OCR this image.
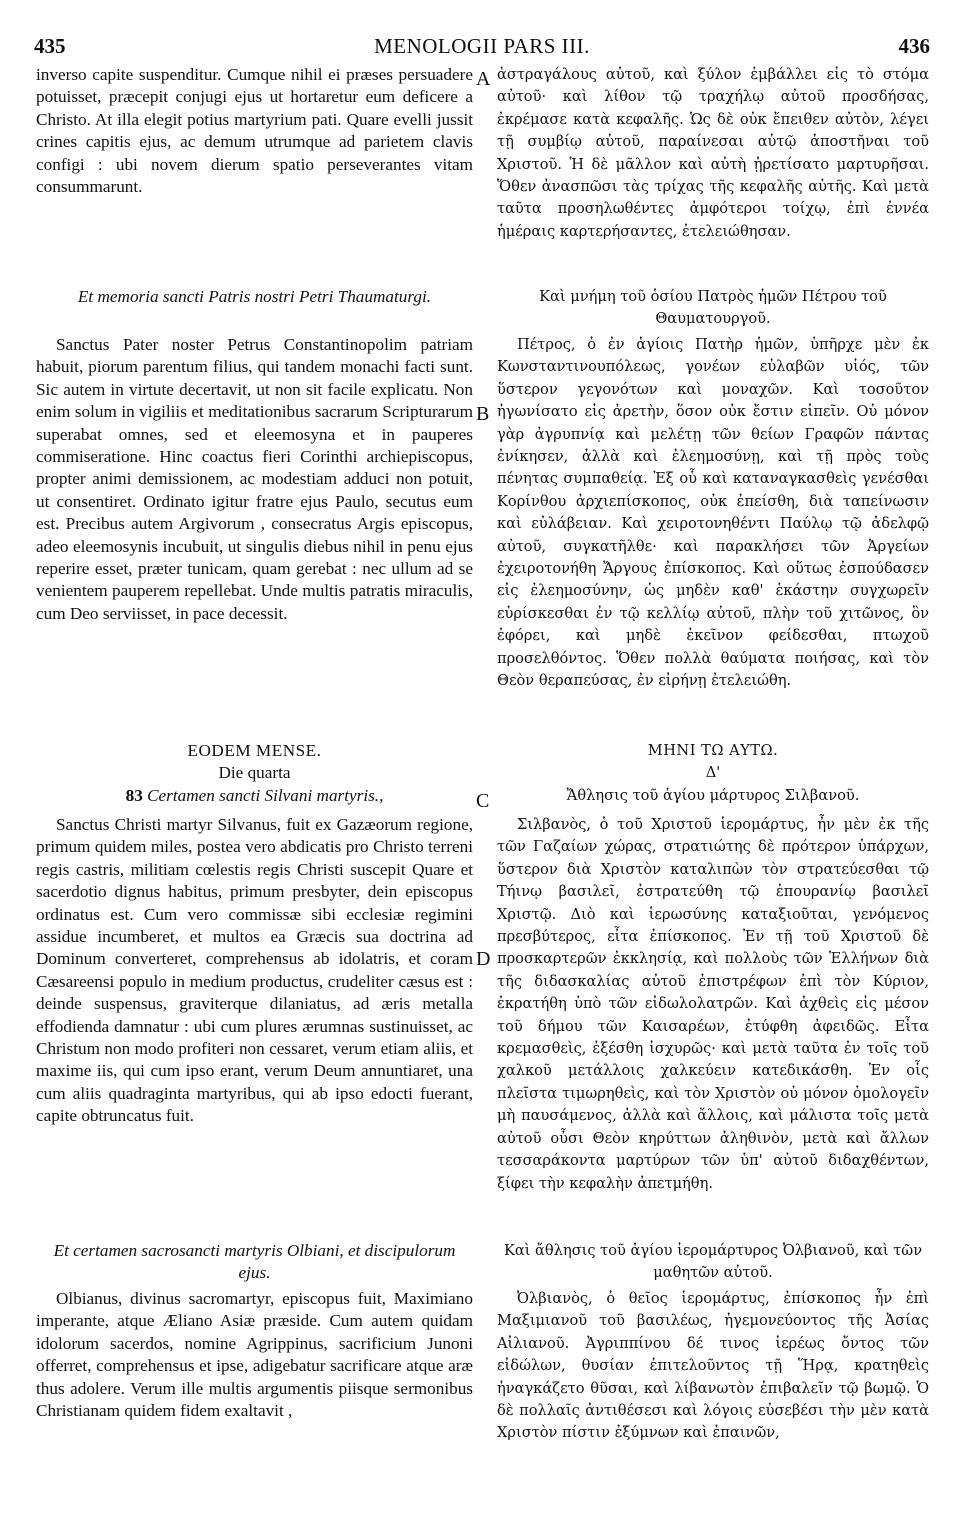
435	MENOLOGII PARS III.	436
A
B
C
D

inverso capite suspenditur. Cumque nihil ei præses persuadere potuisset, præcepit conjugi ejus ut hortaretur eum deficere a Christo. At illa elegit potius martyrium pati. Quare evelli jussit crines capitis ejus, ac demum utrumque ad parietem clavis configi : ubi novem dierum spatio perseverantes vitam consummarunt.

Et memoria sancti Patris nostri Petri Thaumaturgi.

Sanctus Pater noster Petrus Constantinopolim patriam habuit, piorum parentum filius, qui tandem monachi facti sunt. Sic autem in virtute decertavit, ut non sit facile explicatu. Non enim solum in vigiliis et meditationibus sacrarum Scripturarum superabat omnes, sed et eleemosyna et in pauperes commiseratione. Hinc coactus fieri Corinthi archiepiscopus, propter animi demissionem, ac modestiam adduci non potuit, ut consentiret. Ordinato igitur fratre ejus Paulo, secutus eum est. Precibus autem Argivorum , consecratus Argis episcopus, adeo eleemosynis incubuit, ut singulis diebus nihil in penu ejus reperire esset, præter tunicam, quam gerebat : nec ullum ad se venientem pauperem repellebat. Unde multis patratis miraculis, cum Deo serviisset, in pace decessit.

EODEM MENSE.

Die quarta

83 Certamen sancti Silvani martyris.,

Sanctus Christi martyr Silvanus, fuit ex Gazæorum regione, primum quidem miles, postea vero abdicatis pro Christo terreni regis castris, militiam cœlestis regis Christi suscepit Quare et sacerdotio dignus habitus, primum presbyter, dein episcopus ordinatus est. Cum vero commissæ sibi ecclesiæ regimini assidue incumberet, et multos ea Græcis sua doctrina ad Dominum converteret, comprehensus ab idolatris, et coram Cæsareensi populo in medium productus, crudeliter cæsus est : deinde suspensus, graviterque dilaniatus, ad æris metalla effodienda damnatur : ubi cum plures ærumnas sustinuisset, ac Christum non modo profiteri non cessaret, verum etiam aliis, et maxime iis, qui cum ipso erant, verum Deum annuntiaret, una cum aliis quadraginta martyribus, qui ab ipso edocti fuerant, capite obtruncatus fuit.

Et certamen sacrosancti martyris Olbiani, et discipulorum ejus.

Olbianus, divinus sacromartyr, episcopus fuit, Maximiano imperante, atque Æliano Asiæ præside. Cum autem quidam idolorum sacerdos, nomine Agrippinus, sacrificium Junoni offerret, comprehensus et ipse, adigebatur sacrificare atque aræ thus adolere. Verum ille multis argumentis piisque sermonibus Christianam quidem fidem exaltavit ,

ἀστραγάλους αὐτοῦ, καὶ ξύλον ἐμβάλλει εἰς τὸ στόμα αὐτοῦ· καὶ λίθον τῷ τραχήλῳ αὐτοῦ προσδήσας, ἐκρέμασε κατὰ κεφαλῆς. Ὡς δὲ οὐκ ἔπειθεν αὐτὸν, λέγει τῇ συμβίῳ αὐτοῦ, παραίνεσαι αὐτῷ ἀποστῆναι τοῦ Χριστοῦ. Ἡ δὲ μᾶλλον καὶ αὐτὴ ᾑρετίσατο μαρτυρῆσαι. Ὅθεν ἀνασπῶσι τὰς τρίχας τῆς κεφαλῆς αὐτῆς. Καὶ μετὰ ταῦτα προσηλωθέντες ἀμφότεροι τοίχῳ, ἐπὶ ἐννέα ἡμέραις καρτερήσαντες, ἐτελειώθησαν.

Καὶ μνήμη τοῦ ὁσίου Πατρὸς ἡμῶν Πέτρου τοῦ Θαυματουργοῦ.

Πέτρος, ὁ ἐν ἁγίοις Πατὴρ ἡμῶν, ὑπῆρχε μὲν ἐκ Κωνσταντινουπόλεως, γονέων εὐλαβῶν υἱός, τῶν ὕστερον γεγονότων καὶ μοναχῶν. Καὶ τοσοῦτον ἠγωνίσατο εἰς ἀρετὴν, ὅσον οὐκ ἔστιν εἰπεῖν. Οὐ μόνον γὰρ ἀγρυπνίᾳ καὶ μελέτῃ τῶν θείων Γραφῶν πάντας ἐνίκησεν, ἀλλὰ καὶ ἐλεημοσύνῃ, καὶ τῇ πρὸς τοὺς πένητας συμπαθείᾳ. Ἐξ οὗ καὶ καταναγκασθεὶς γενέσθαι Κορίνθου ἀρχιεπίσκοπος, οὐκ ἐπείσθη, διὰ ταπείνωσιν καὶ εὐλάβειαν. Καὶ χειροτονηθέντι Παύλῳ τῷ ἀδελφῷ αὐτοῦ, συγκατῆλθε· καὶ παρακλήσει τῶν Ἀργείων ἐχειροτονήθη Ἄργους ἐπίσκοπος. Καὶ οὕτως ἐσπούδασεν εἰς ἐλεημοσύνην, ὡς μηδὲν καθ' ἑκάστην συγχωρεῖν εὑρίσκεσθαι ἐν τῷ κελλίῳ αὐτοῦ, πλὴν τοῦ χιτῶνος, ὃν ἐφόρει, καὶ μηδὲ ἐκεῖνον φείδεσθαι, πτωχοῦ προσελθόντος. Ὅθεν πολλὰ θαύματα ποιήσας, καὶ τὸν Θεὸν θεραπεύσας, ἐν εἰρήνῃ ἐτελειώθη.

ΜΗΝΙ ΤΩ ΑΥΤΩ.

Δ'

Ἄθλησις τοῦ ἁγίου μάρτυρος Σιλβανοῦ.

Σιλβανὸς, ὁ τοῦ Χριστοῦ ἱερομάρτυς, ἦν μὲν ἐκ τῆς τῶν Γαζαίων χώρας, στρατιώτης δὲ πρότερον ὑπάρχων, ὕστερον διὰ Χριστὸν καταλιπὼν τὸν στρατεύεσθαι τῷ Τήινῳ βασιλεῖ, ἐστρατεύθη τῷ ἐπουρανίῳ βασιλεῖ Χριστῷ. Διὸ καὶ ἱερωσύνης καταξιοῦται, γενόμενος πρεσβύτερος, εἶτα ἐπίσκοπος. Ἐν τῇ τοῦ Χριστοῦ δὲ προσκαρτερῶν ἐκκλησίᾳ, καὶ πολλοὺς τῶν Ἑλλήνων διὰ τῆς διδασκαλίας αὐτοῦ ἐπιστρέφων ἐπὶ τὸν Κύριον, ἐκρατήθη ὑπὸ τῶν εἰδωλολατρῶν. Καὶ ἀχθεὶς εἰς μέσον τοῦ δήμου τῶν Καισαρέων, ἐτύφθη ἀφειδῶς. Εἶτα κρεμασθεὶς, ἐξέσθη ἰσχυρῶς· καὶ μετὰ ταῦτα ἐν τοῖς τοῦ χαλκοῦ μετάλλοις χαλκεύειν κατεδικάσθη. Ἐν οἷς πλεῖστα τιμωρηθεὶς, καὶ τὸν Χριστὸν οὐ μόνον ὁμολογεῖν μὴ παυσάμενος, ἀλλὰ καὶ ἄλλοις, καὶ μάλιστα τοῖς μετὰ αὐτοῦ οὖσι Θεὸν κηρύττων ἀληθινὸν, μετὰ καὶ ἄλλων τεσσαράκοντα μαρτύρων τῶν ὑπ' αὐτοῦ διδαχθέντων, ξίφει τὴν κεφαλὴν ἀπετμήθη.

Καὶ ἄθλησις τοῦ ἁγίου ἱερομάρτυρος Ὀλβιανοῦ, καὶ τῶν μαθητῶν αὐτοῦ.

Ὀλβιανὸς, ὁ θεῖος ἱερομάρτυς, ἐπίσκοπος ἦν ἐπὶ Μαξιμιανοῦ τοῦ βασιλέως, ἡγεμονεύοντος τῆς Ἀσίας Αἰλιανοῦ. Ἀγριππίνου δέ τινος ἱερέως ὄντος τῶν εἰδώλων, θυσίαν ἐπιτελοῦντος τῇ Ἥρᾳ, κρατηθεὶς ἠναγκάζετο θῦσαι, καὶ λίβανωτὸν ἐπιβαλεῖν τῷ βωμῷ. Ὁ δὲ πολλαῖς ἀντιθέσεσι καὶ λόγοις εὐσεβέσι τὴν μὲν κατὰ Χριστὸν πίστιν ἐξύμνων καὶ ἐπαινῶν,
